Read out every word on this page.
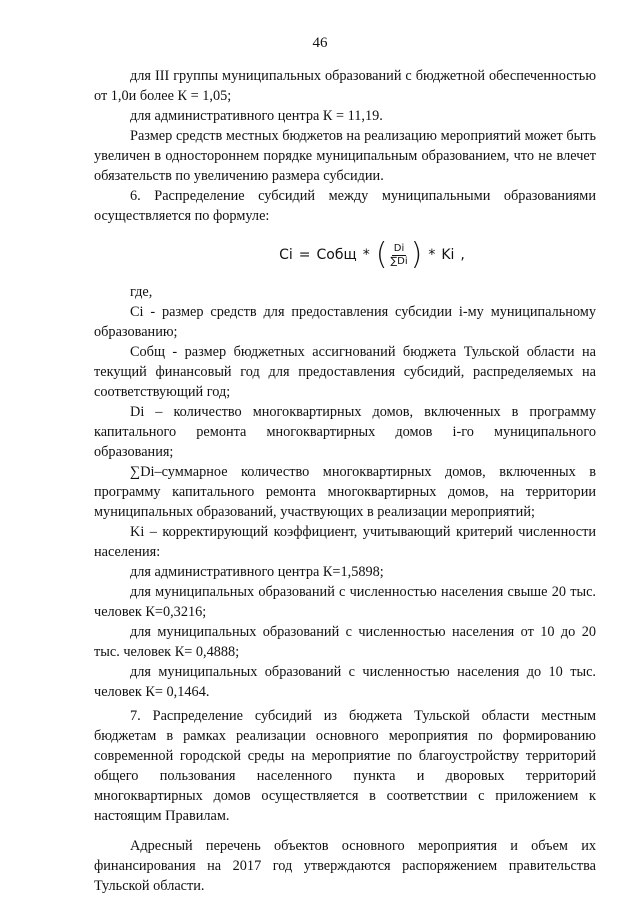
46

для III группы муниципальных образований с бюджетной обеспеченностью от 1,0и более К = 1,05;

для административного центра К = 11,19.

Размер средств местных бюджетов на реализацию мероприятий может быть увеличен в одностороннем порядке муниципальным образованием, что не влечет обязательств по увеличению размера субсидии.

6. Распределение субсидий между муниципальными образованиями осуществляется по формуле:

Ci = Cобщ * ( $\frac{Di}{\sum Di}$ ) * Ki ,

где,

Ci - размер средств для предоставления субсидии i-му муниципальному образованию;

Cобщ - размер бюджетных ассигнований бюджета Тульской области на текущий финансовый год для предоставления субсидий, распределяемых на соответствующий год;

Di – количество многоквартирных домов, включенных в программу капитального ремонта многоквартирных домов i-го муниципального образования;

∑Di–суммарное количество многоквартирных домов, включенных в программу капитального ремонта многоквартирных домов, на территории муниципальных образований, участвующих в реализации мероприятий;

Ki – корректирующий коэффициент, учитывающий критерий численности населения:

для административного центра К=1,5898;

для муниципальных образований с численностью населения свыше 20 тыс. человек К=0,3216;

для муниципальных образований с численностью населения от 10 до 20 тыс. человек К= 0,4888;

для муниципальных образований с численностью населения до 10 тыс. человек К= 0,1464.

7. Распределение субсидий из бюджета Тульской области местным бюджетам в рамках реализации основного мероприятия по формированию современной городской среды на мероприятие по благоустройству территорий общего пользования населенного пункта и дворовых территорий многоквартирных домов осуществляется в соответствии с приложением к настоящим Правилам.

Адресный перечень объектов основного мероприятия и объем их финансирования на 2017 год утверждаются распоряжением правительства Тульской области.
